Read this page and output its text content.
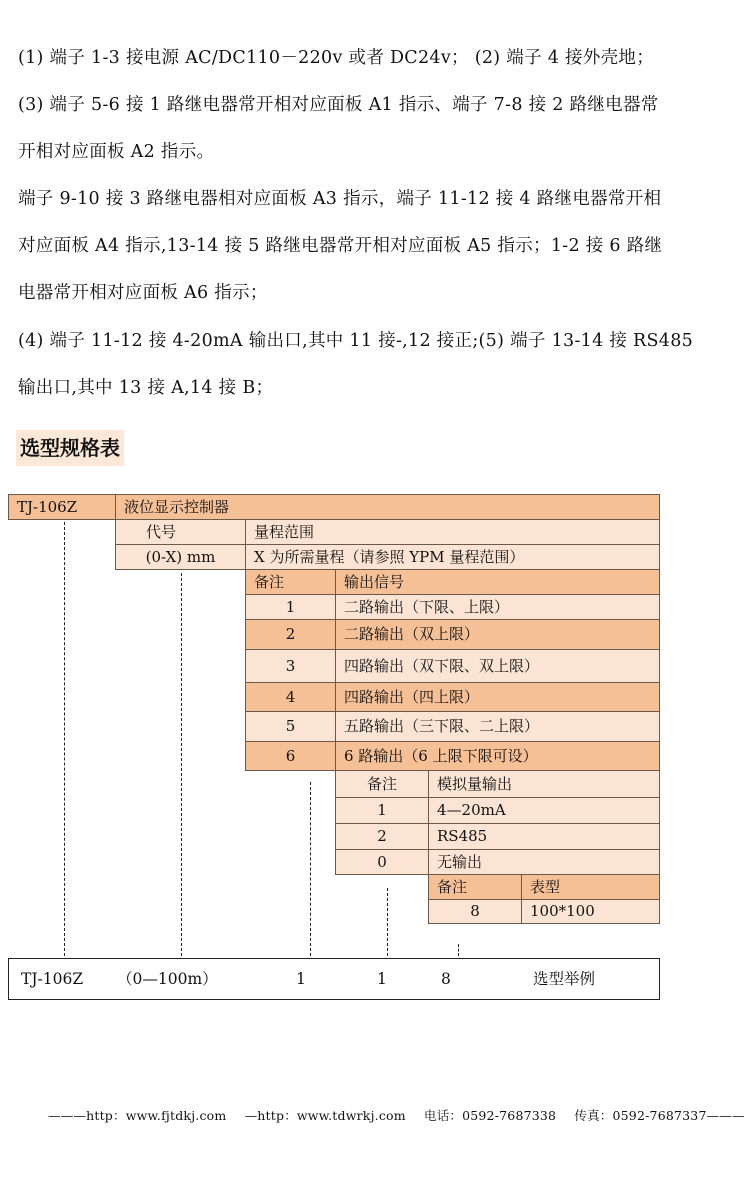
(1) 端子 1-3 接电源 AC/DC110－220v 或者 DC24v； (2) 端子 4 接外壳地；
(3) 端子 5-6 接 1 路继电器常开相对应面板 A1 指示、端子 7-8 接 2 路继电器常
开相对应面板 A2 指示。
端子 9-10 接 3 路继电器相对应面板 A3 指示，端子 11-12 接 4 路继电器常开相
对应面板 A4 指示,13-14 接 5 路继电器常开相对应面板 A5 指示；1-2 接 6 路继
电器常开相对应面板 A6 指示；
(4) 端子 11-12 接 4-20mA 输出口,其中 11 接-,12 接正;(5) 端子 13-14 接 RS485
输出口,其中 13 接 A,14 接 B；
选型规格表
TJ-106Z	液位显示控制器
代号	量程范围
(0-X) mm	X 为所需量程（请参照 YPM 量程范围）
备注	输出信号
1	二路输出（下限、上限）
2	二路输出（双上限）
3	四路输出（双下限、双上限）
4	四路输出（四上限）
5	五路输出（三下限、二上限）
6	6 路输出（6 上限下限可设）
备注	模拟量输出
1	4—20mA
2	RS485
0	无输出
备注	表型
8	100*100
TJ-106Z （0—100m）	1	1	8	选型举例
———http：www.fjtdkj.com —http：www.tdwrkj.com 电话：0592-7687338 传真：0592-7687337———
